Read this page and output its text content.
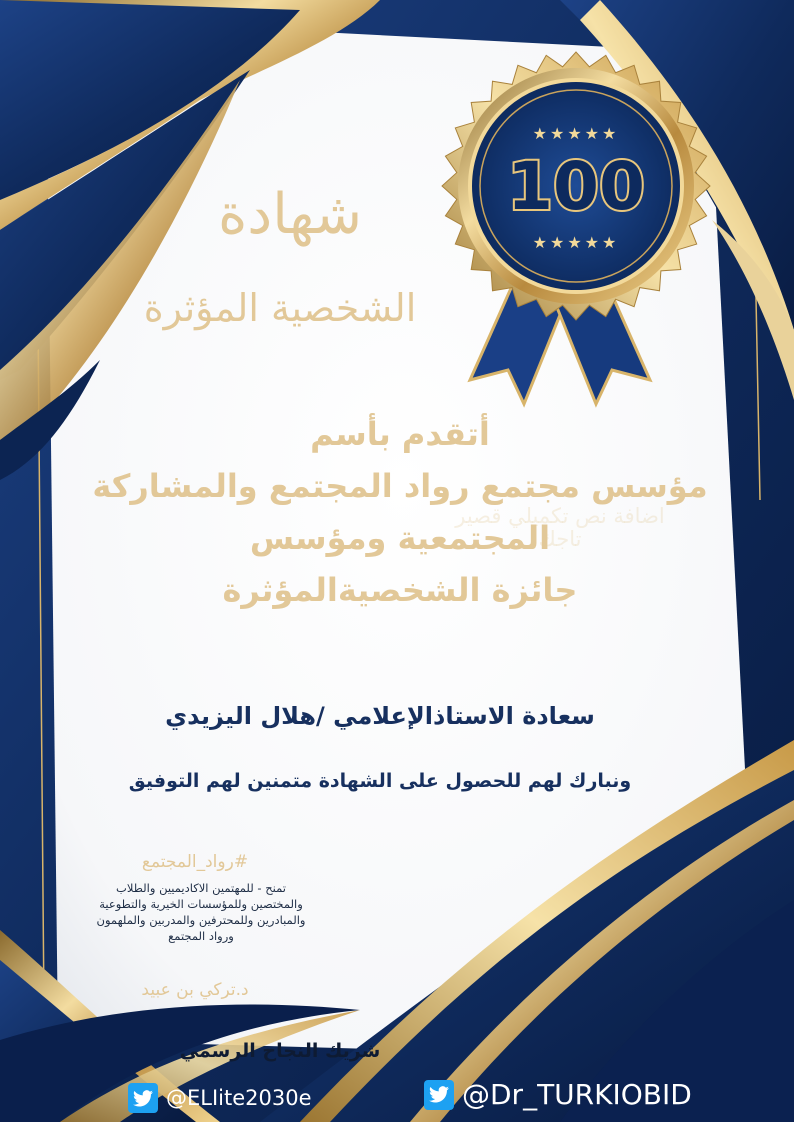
★★★★★
100
★★★★★
شهادة
الشخصية المؤثرة
أتقدم بأسم
مؤسس مجتمع رواد المجتمع والمشاركة
المجتمعية ومؤسس
جائزة الشخصيةالمؤثرة
اضافة نص تكميلي قصير
تاجك
سعادة الاستاذالإعلامي /هلال اليزيدي
ونبارك لهم للحصول على الشهادة متمنين لهم التوفيق
#رواد_المجتمع
تمنح - للمهتمين الاكاديميين والطلاب
والمختصين وللمؤسسات الخيرية والتطوعية
والمبادرين وللمحترفين والمدربين والملهمون
ورواد المجتمع
د.تركي بن عبيد
شريك النجاح الرسمي
@ELIite2030e	@Dr_TURKIOBID
